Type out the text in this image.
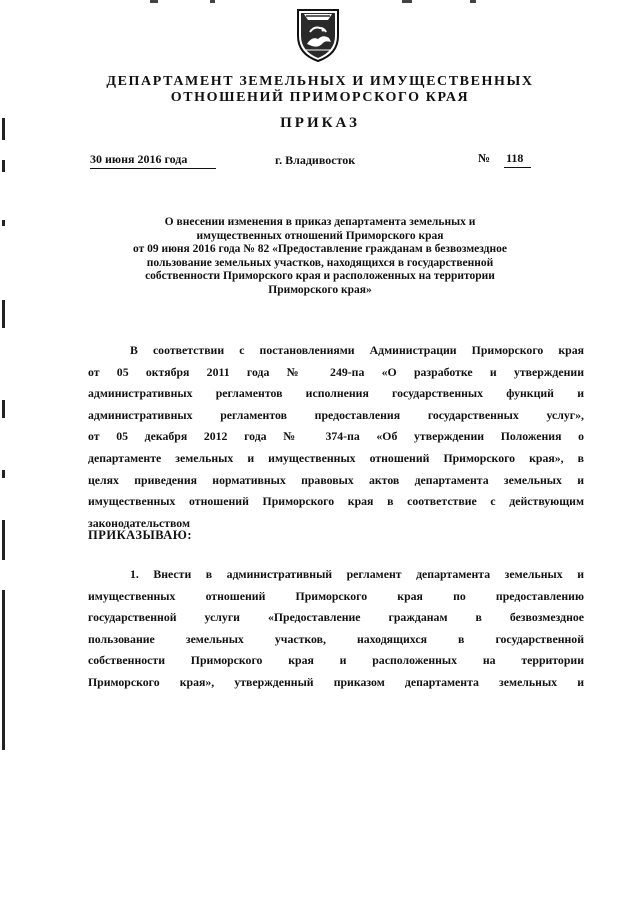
ДЕПАРТАМЕНТ ЗЕМЕЛЬНЫХ И ИМУЩЕСТВЕННЫХ
ОТНОШЕНИЙ ПРИМОРСКОГО КРАЯ
ПРИКАЗ
30 июня 2016 года	г. Владивосток	№ 118
О внесении изменения в приказ департамента земельных и
имущественных отношений Приморского края
от 09 июня 2016 года № 82 «Предоставление гражданам в безвозмездное
пользование земельных участков, находящихся в государственной
собственности Приморского края и расположенных на территории
Приморского края»
В соответствии с постановлениями Администрации Приморского края
от 05 октября 2011 года № 249-па «О разработке и утверждении
административных регламентов исполнения государственных функций и
административных регламентов предоставления государственных услуг»,
от 05 декабря 2012 года № 374-па «Об утверждении Положения о
департаменте земельных и имущественных отношений Приморского края», в
целях приведения нормативных правовых актов департамента земельных и
имущественных отношений Приморского края в соответствие с действующим
законодательством
ПРИКАЗЫВАЮ:
1. Внести в административный регламент департамента земельных и
имущественных отношений Приморского края по предоставлению
государственной услуги «Предоставление гражданам в безвозмездное
пользование земельных участков, находящихся в государственной
собственности Приморского края и расположенных на территории
Приморского края», утвержденный приказом департамента земельных и
